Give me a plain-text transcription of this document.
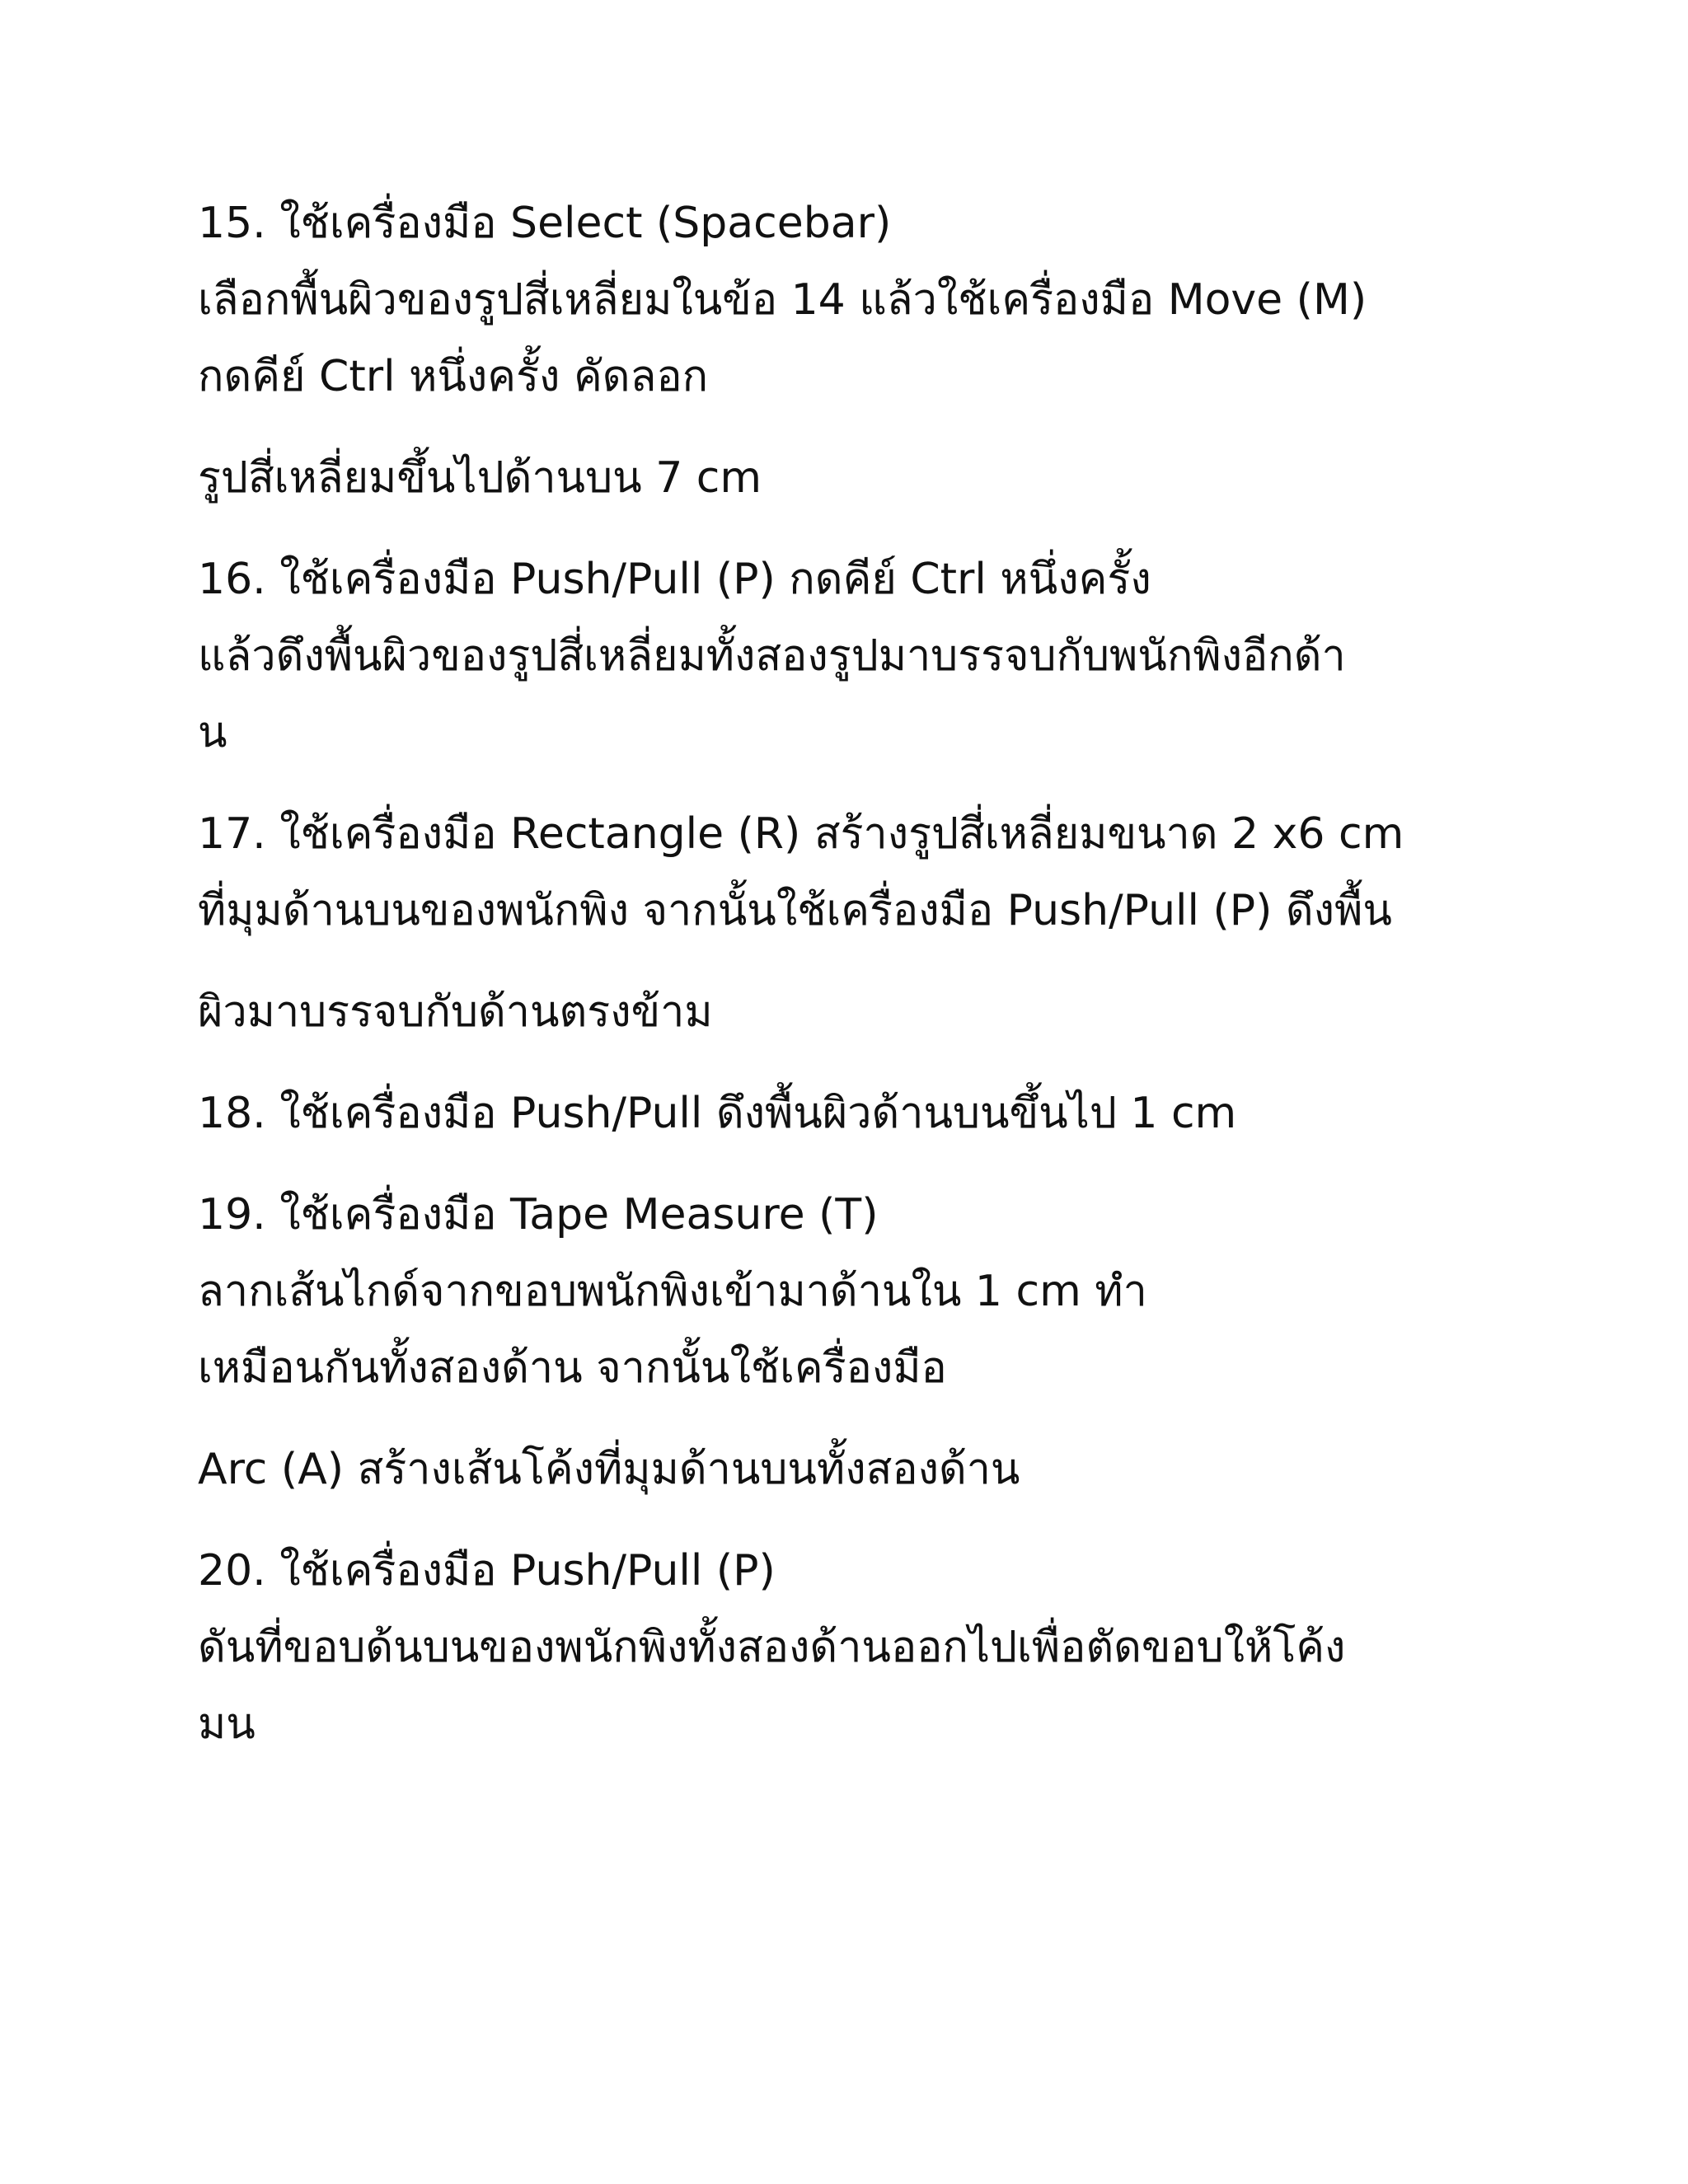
15. ใช้เครื่องมือ Select (Spacebar)
เลือกพื้นผิวของรูปสี่เหลี่ยมในข้อ 14 แล้วใช้เครื่องมือ Move (M)
กดคีย์ Ctrl หนึ่งครั้ง คัดลอก
รูปสี่เหลี่ยมขึ้นไปด้านบน 7 cm
16. ใช้เครื่องมือ Push/Pull (P) กดคีย์ Ctrl หนึ่งครั้ง
แล้วดึงพื้นผิวของรูปสี่เหลี่ยมทั้งสองรูปมาบรรจบกับพนักพิงอีกด้า
น
17. ใช้เครื่องมือ Rectangle (R) สร้างรูปสี่เหลี่ยมขนาด 2 x6 cm
ที่มุมด้านบนของพนักพิง จากนั้นใช้เครื่องมือ Push/Pull (P) ดึงพื้น
ผิวมาบรรจบกับด้านตรงข้าม
18. ใช้เครื่องมือ Push/Pull ดึงพื้นผิวด้านบนขึ้นไป 1 cm
19. ใช้เครื่องมือ Tape Measure (T)
ลากเส้นไกด์จากขอบพนักพิงเข้ามาด้านใน 1 cm ทำ
เหมือนกันทั้งสองด้าน จากนั้นใช้เครื่องมือ
Arc (A) สร้างเส้นโค้งที่มุมด้านบนทั้งสองด้าน
20. ใช้เครื่องมือ Push/Pull (P)
ดันที่ขอบด้นบนของพนักพิงทั้งสองด้านออกไปเพื่อตัดขอบให้โค้ง
มน
